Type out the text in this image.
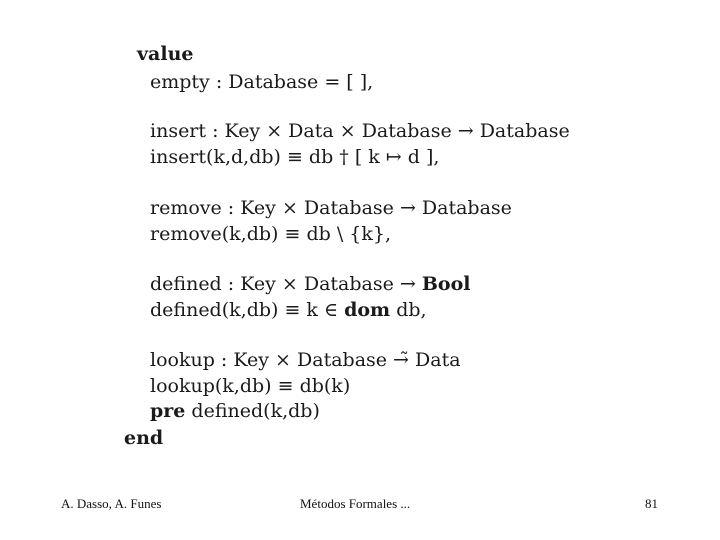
value
empty : Database = [ ],
insert : Key × Data × Database → Database
insert(k,d,db) ≡ db † [ k ↦ d ],
remove : Key × Database → Database
remove(k,db) ≡ db \ {k},
defined : Key × Database → Bool
defined(k,db) ≡ k ∈ dom db,
lookup : Key × Database →̃ Data
lookup(k,db) ≡ db(k)
pre defined(k,db)
end
A. Dasso, A. Funes	Métodos Formales ...	81
